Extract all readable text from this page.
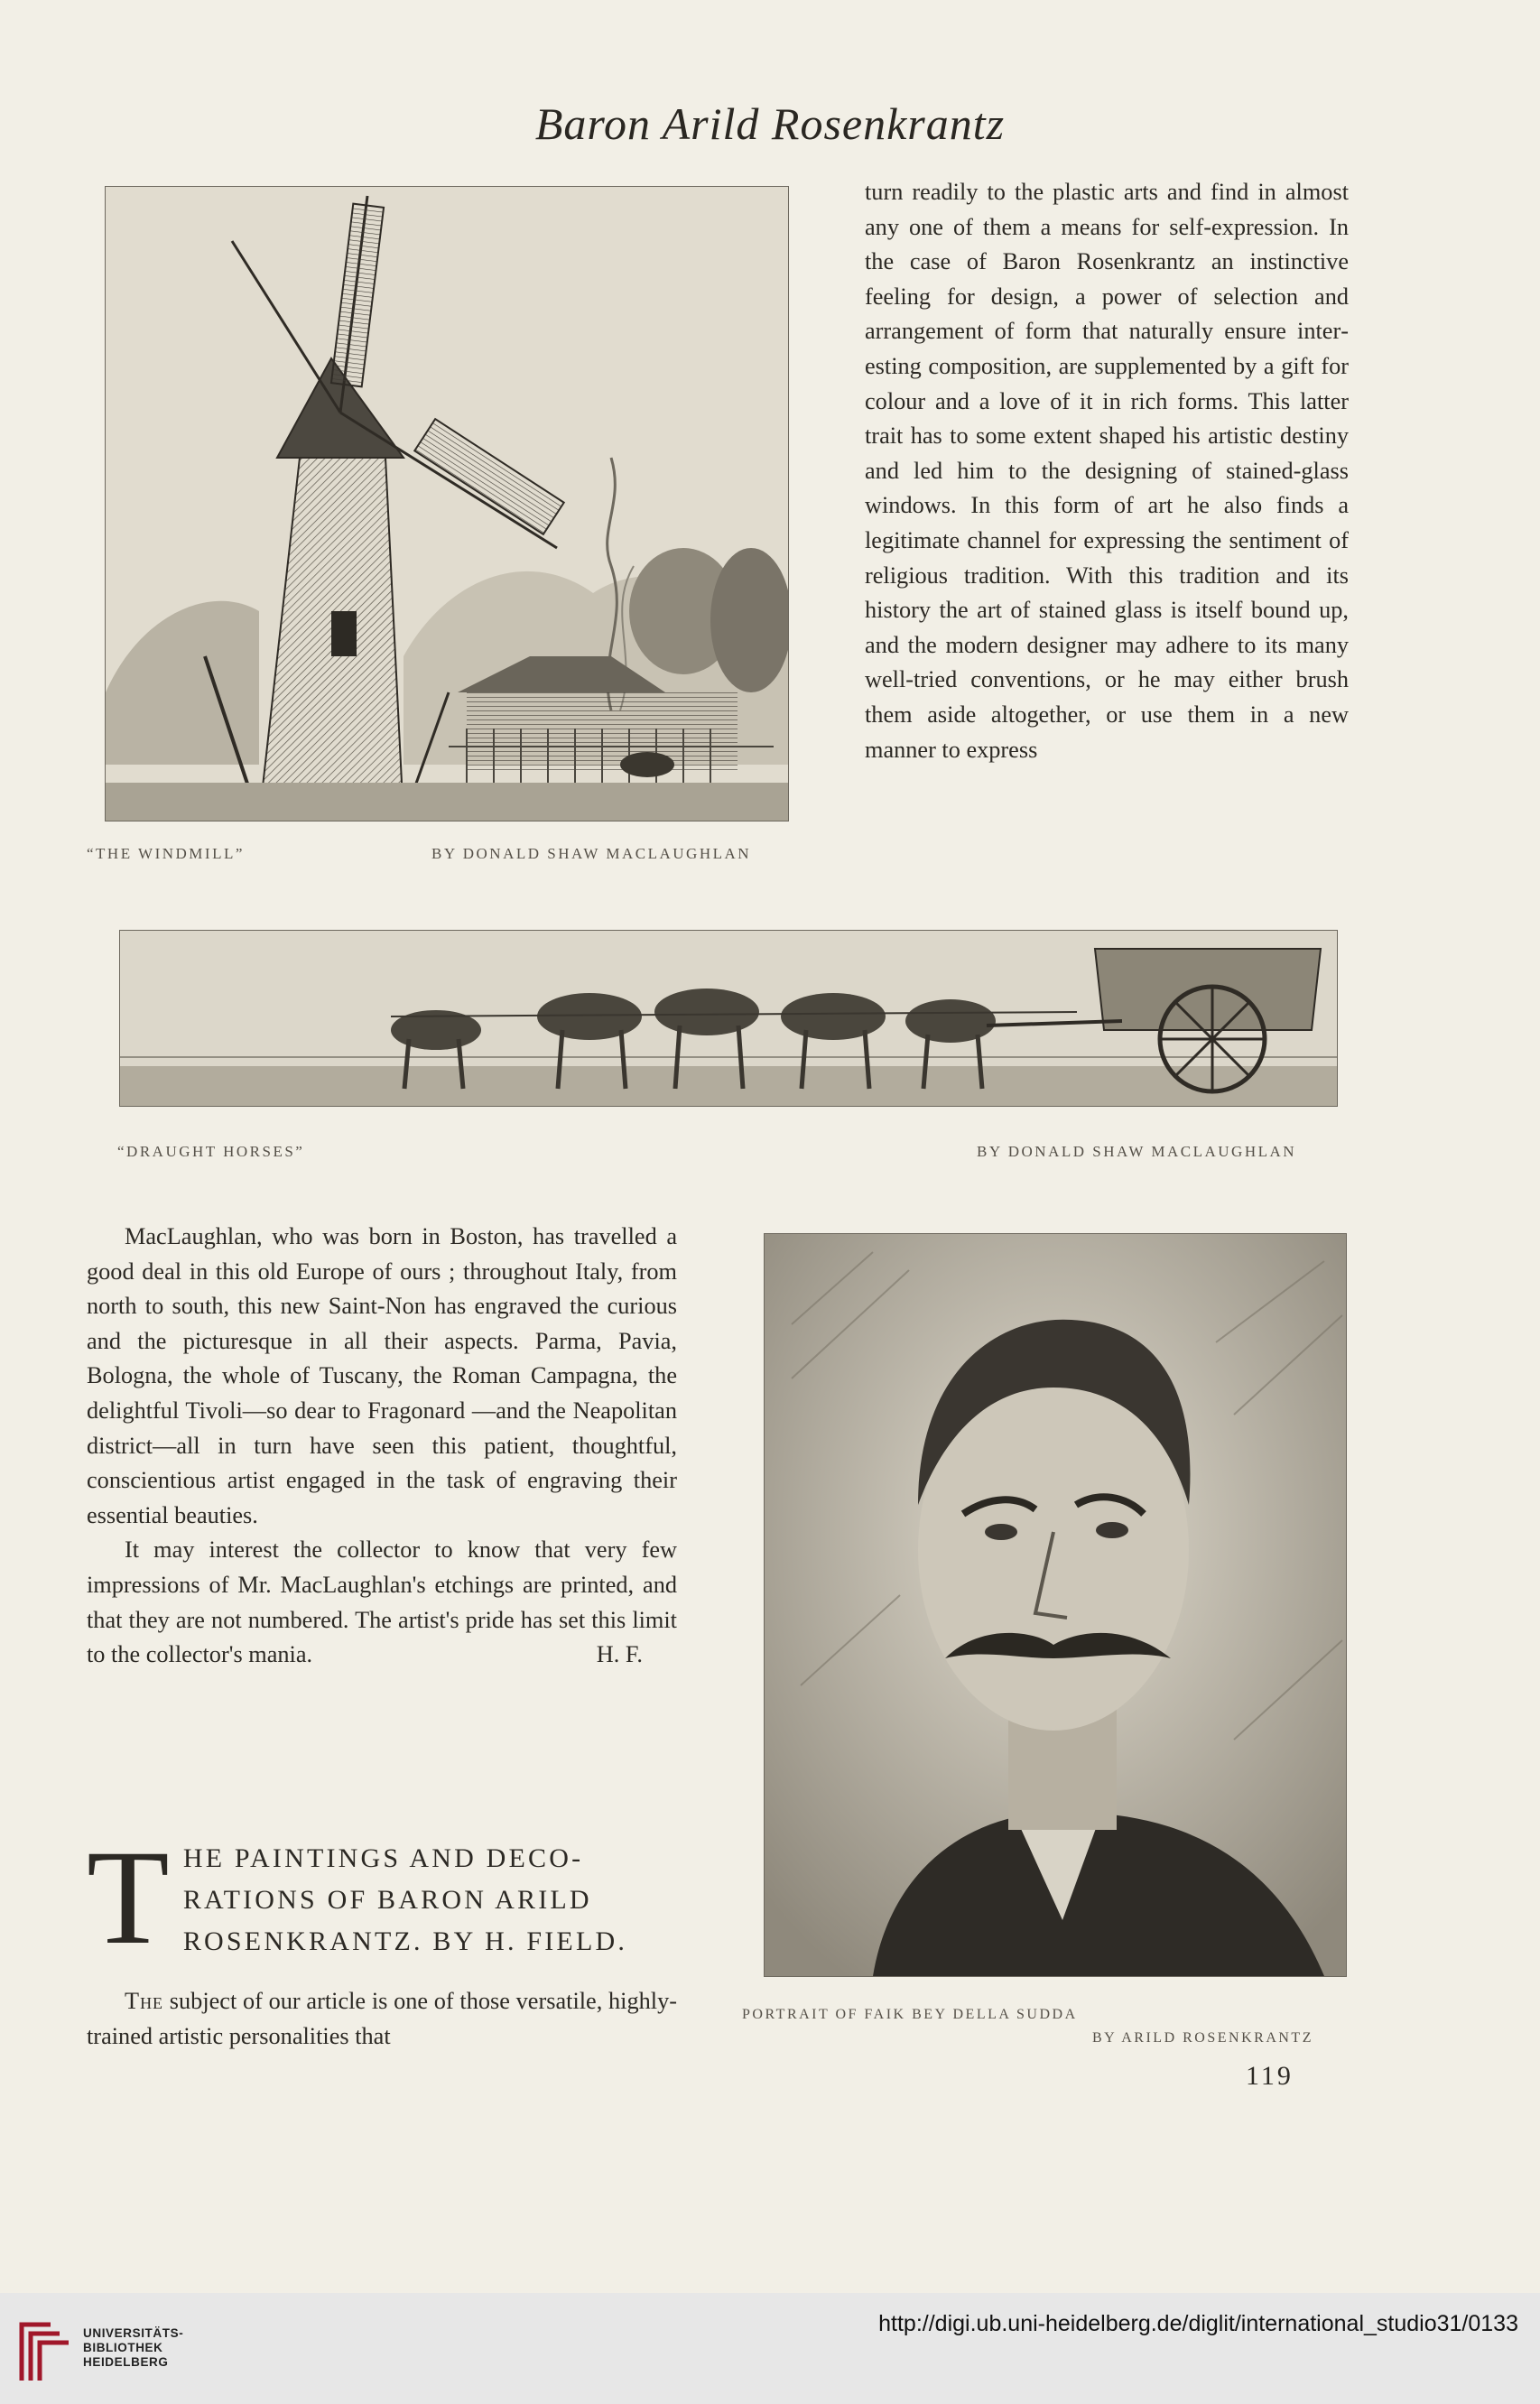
Baron Arild Rosenkrantz
“THE WINDMILL”	BY DONALD SHAW MACLAUGHLAN
turn readily to the plastic arts and find in almost any one of them a means for self-expression. In the case of Baron Rosenkrantz an instinctive feeling for design, a power of selection and arrangement of form that naturally ensure interesting composition, are supplemented by a gift for colour and a love of it in rich forms. This latter trait has to some extent shaped his artistic destiny and led him to the designing of stained-glass windows. In this form of art he also finds a legitimate channel for expressing the sentiment of religious tradition. With this tradition and its history the art of stained glass is itself bound up, and the modern designer may adhere to its many well-tried conventions, or he may either brush them aside altogether, or use them in a new manner to express
“DRAUGHT HORSES”	BY DONALD SHAW MACLAUGHLAN

MacLaughlan, who was born in Boston, has travelled a good deal in this old Europe of ours ; throughout Italy, from north to south, this new Saint-Non has engraved the curious and the picturesque in all their aspects. Parma, Pavia, Bologna, the whole of Tuscany, the Roman Campagna, the delightful Tivoli—so dear to Fragonard —and the Neapolitan district—all in turn have seen this patient, thoughtful, conscientious artist engaged in the task of engraving their essential beauties.

It may interest the collector to know that very few impressions of Mr. MacLaughlan's etchings are printed, and that they are not numbered. The artist's pride has set this limit to the collector's mania.	H. F.
T HE PAINTINGS AND DECO-RATIONS OF BARON ARILD ROSENKRANTZ. BY H. FIELD.

The subject of our article is one of those versatile, highly-trained artistic personalities that

PORTRAIT OF FAIK BEY DELLA SUDDA
BY ARILD ROSENKRANTZ
119
UNIVERSITÄTS-
BIBLIOTHEK
HEIDELBERG
http://digi.ub.uni-heidelberg.de/diglit/international_studio31/0133
